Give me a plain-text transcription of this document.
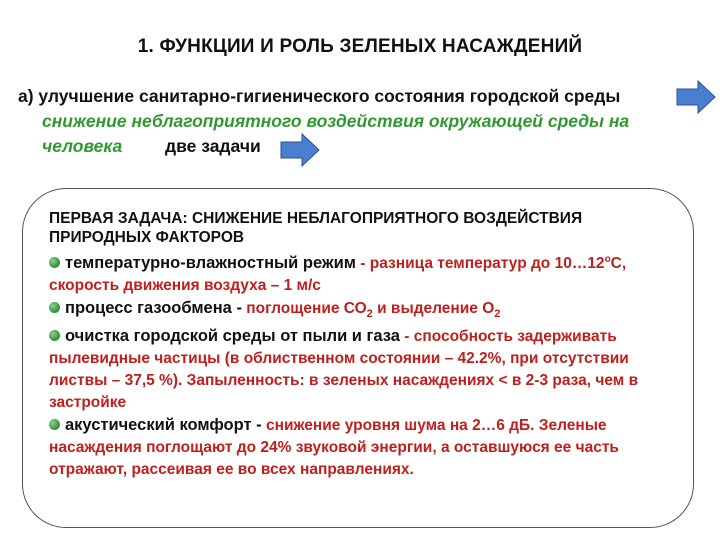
1. ФУНКЦИИ И РОЛЬ ЗЕЛЕНЫХ НАСАЖДЕНИЙ
а) улучшение санитарно-гигиенического состояния городской среды
снижение неблагоприятного воздействия окружающей среды на
человека две задачи
ПЕРВАЯ ЗАДАЧА: СНИЖЕНИЕ НЕБЛАГОПРИЯТНОГО ВОЗДЕЙСТВИЯ ПРИРОДНЫХ ФАКТОРОВ

температурно-влажностный режим - разница температур до $10\dots 12^оС$, скорость движения воздуха – 1 м/с

процесс газообмена - поглощение $СО_2$ и выделение $О_2$

очистка городской среды от пыли и газа - способность задерживать пылевидные частицы (в облиственном состоянии – 42.2%, при отсутствии листвы – 37,5 %). Запыленность: в зеленых насаждениях < в 2-3 раза, чем в застройке

акустический комфорт - снижение уровня шума на 2…6 дБ. Зеленые насаждения поглощают до 24% звуковой энергии, а оставшуюся ее часть отражают, рассеивая ее во всех направлениях.
